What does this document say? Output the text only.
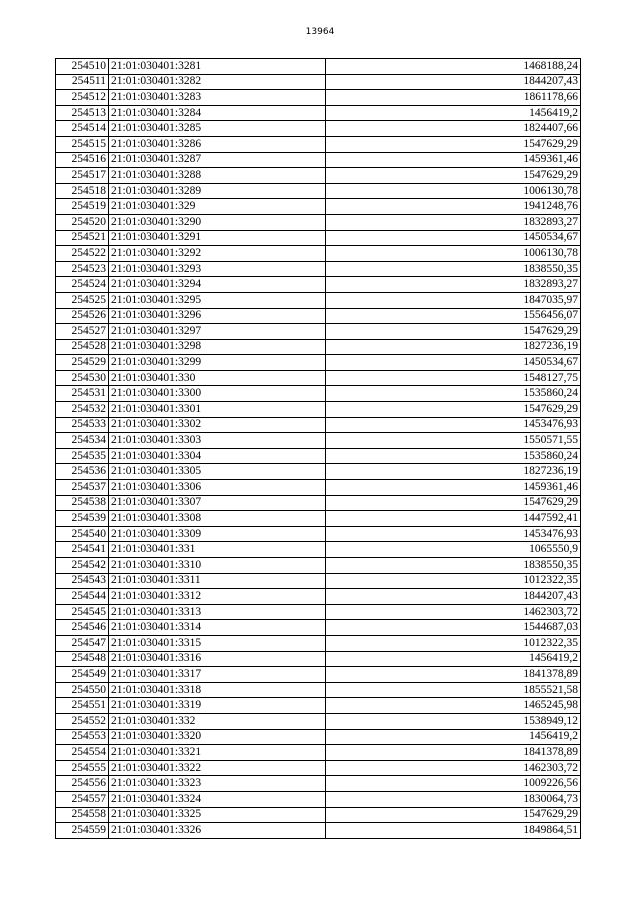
13964
254510	21:01:030401:3281	1468188,24
254511	21:01:030401:3282	1844207,43
254512	21:01:030401:3283	1861178,66
254513	21:01:030401:3284	1456419,2
254514	21:01:030401:3285	1824407,66
254515	21:01:030401:3286	1547629,29
254516	21:01:030401:3287	1459361,46
254517	21:01:030401:3288	1547629,29
254518	21:01:030401:3289	1006130,78
254519	21:01:030401:329	1941248,76
254520	21:01:030401:3290	1832893,27
254521	21:01:030401:3291	1450534,67
254522	21:01:030401:3292	1006130,78
254523	21:01:030401:3293	1838550,35
254524	21:01:030401:3294	1832893,27
254525	21:01:030401:3295	1847035,97
254526	21:01:030401:3296	1556456,07
254527	21:01:030401:3297	1547629,29
254528	21:01:030401:3298	1827236,19
254529	21:01:030401:3299	1450534,67
254530	21:01:030401:330	1548127,75
254531	21:01:030401:3300	1535860,24
254532	21:01:030401:3301	1547629,29
254533	21:01:030401:3302	1453476,93
254534	21:01:030401:3303	1550571,55
254535	21:01:030401:3304	1535860,24
254536	21:01:030401:3305	1827236,19
254537	21:01:030401:3306	1459361,46
254538	21:01:030401:3307	1547629,29
254539	21:01:030401:3308	1447592,41
254540	21:01:030401:3309	1453476,93
254541	21:01:030401:331	1065550,9
254542	21:01:030401:3310	1838550,35
254543	21:01:030401:3311	1012322,35
254544	21:01:030401:3312	1844207,43
254545	21:01:030401:3313	1462303,72
254546	21:01:030401:3314	1544687,03
254547	21:01:030401:3315	1012322,35
254548	21:01:030401:3316	1456419,2
254549	21:01:030401:3317	1841378,89
254550	21:01:030401:3318	1855521,58
254551	21:01:030401:3319	1465245,98
254552	21:01:030401:332	1538949,12
254553	21:01:030401:3320	1456419,2
254554	21:01:030401:3321	1841378,89
254555	21:01:030401:3322	1462303,72
254556	21:01:030401:3323	1009226,56
254557	21:01:030401:3324	1830064,73
254558	21:01:030401:3325	1547629,29
254559	21:01:030401:3326	1849864,51
